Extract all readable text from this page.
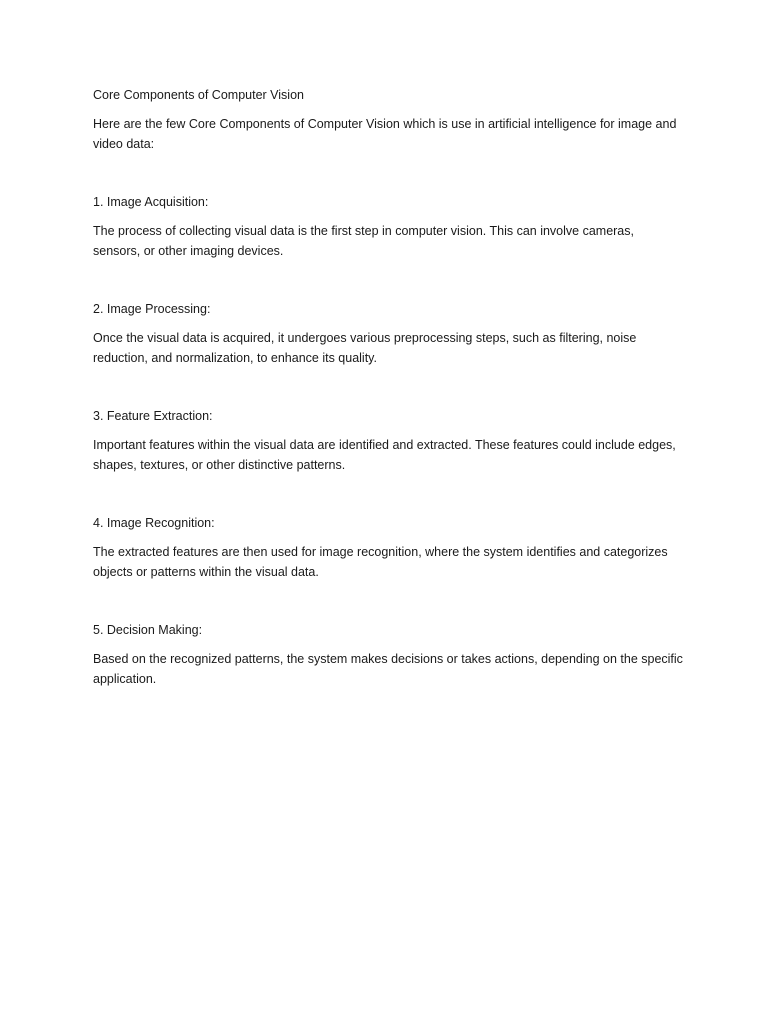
Core Components of Computer Vision

Here are the few Core Components of Computer Vision which is use in artificial intelligence for image and video data:

1. Image Acquisition:

The process of collecting visual data is the first step in computer vision. This can involve cameras, sensors, or other imaging devices.

2. Image Processing:

Once the visual data is acquired, it undergoes various preprocessing steps, such as filtering, noise reduction, and normalization, to enhance its quality.

3. Feature Extraction:

Important features within the visual data are identified and extracted. These features could include edges, shapes, textures, or other distinctive patterns.

4. Image Recognition:

The extracted features are then used for image recognition, where the system identifies and categorizes objects or patterns within the visual data.

5. Decision Making:

Based on the recognized patterns, the system makes decisions or takes actions, depending on the specific application.
